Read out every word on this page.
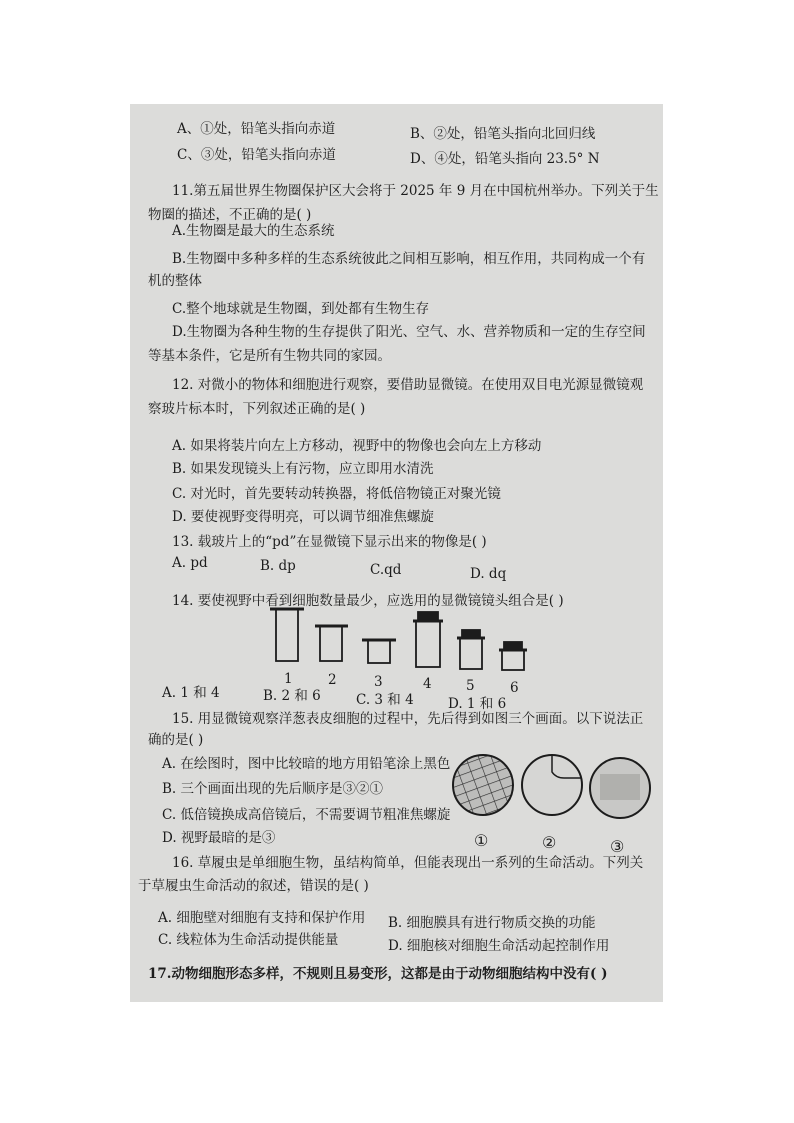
A、①处，铅笔头指向赤道	B、②处，铅笔头指向北回归线
C、③处，铅笔头指向赤道	D、④处，铅笔头指向 23.5° N
11.第五届世界生物圈保护区大会将于 2025 年 9 月在中国杭州举办。下列关于生
物圈的描述，不正确的是( )
A.生物圈是最大的生态系统
B.生物圈中多种多样的生态系统彼此之间相互影响，相互作用，共同构成一个有
机的整体
C.整个地球就是生物圈，到处都有生物生存
D.生物圈为各种生物的生存提供了阳光、空气、水、营养物质和一定的生存空间
等基本条件，它是所有生物共同的家园。
12. 对微小的物体和细胞进行观察，要借助显微镜。在使用双目电光源显微镜观
察玻片标本时，下列叙述正确的是( )
A. 如果将装片向左上方移动，视野中的物像也会向左上方移动
B. 如果发现镜头上有污物，应立即用水清洗
C. 对光时，首先要转动转换器，将低倍物镜正对聚光镜
D. 要使视野变得明亮，可以调节细准焦螺旋
13. 载玻片上的“pd”在显微镜下显示出来的物像是( )
A. pd	B. dp	C.qd	D. dq
14. 要使视野中看到细胞数量最少，应选用的显微镜镜头组合是( )
1	2	3	4	5	6
A. 1 和 4	B. 2 和 6	C. 3 和 4	D. 1 和 6
15. 用显微镜观察洋葱表皮细胞的过程中，先后得到如图三个画面。以下说法正
确的是( )
A. 在绘图时，图中比较暗的地方用铅笔涂上黑色
B. 三个画面出现的先后顺序是③②①
C. 低倍镜换成高倍镜后，不需要调节粗准焦螺旋
D. 视野最暗的是③	①	②	③
16. 草履虫是单细胞生物，虽结构简单，但能表现出一系列的生命活动。下列关
于草履虫生命活动的叙述，错误的是( )
A. 细胞壁对细胞有支持和保护作用 B. 细胞膜具有进行物质交换的功能
C. 线粒体为生命活动提供能量	D. 细胞核对细胞生命活动起控制作用
17.动物细胞形态多样，不规则且易变形，这都是由于动物细胞结构中没有( )
